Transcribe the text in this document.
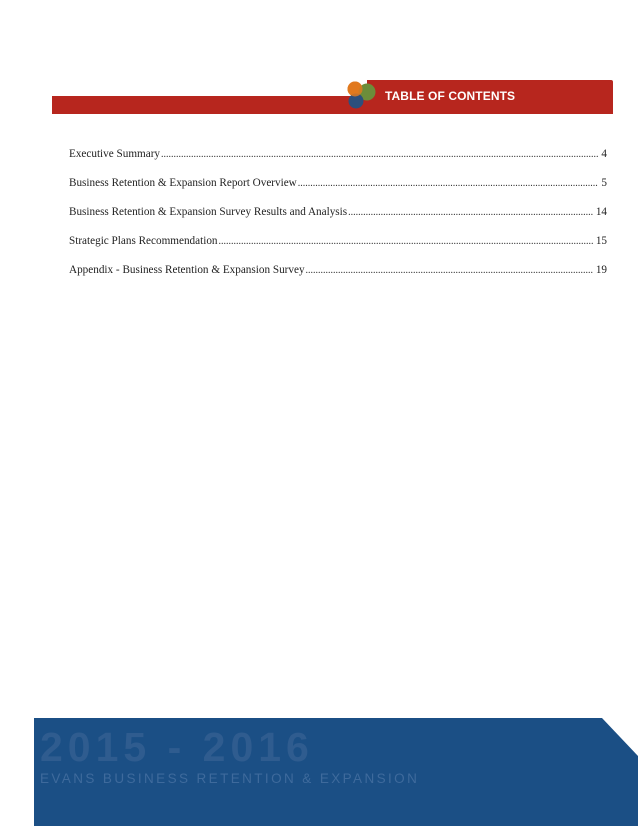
TABLE OF CONTENTS
Executive Summary .....	4
Business Retention & Expansion Report Overview .....	5
Business Retention & Expansion Survey Results and Analysis .....	14
Strategic Plans Recommendation .....	15
Appendix - Business Retention & Expansion Survey .....	19
2015 - 2016
EVANS BUSINESS RETENTION & EXPANSION
